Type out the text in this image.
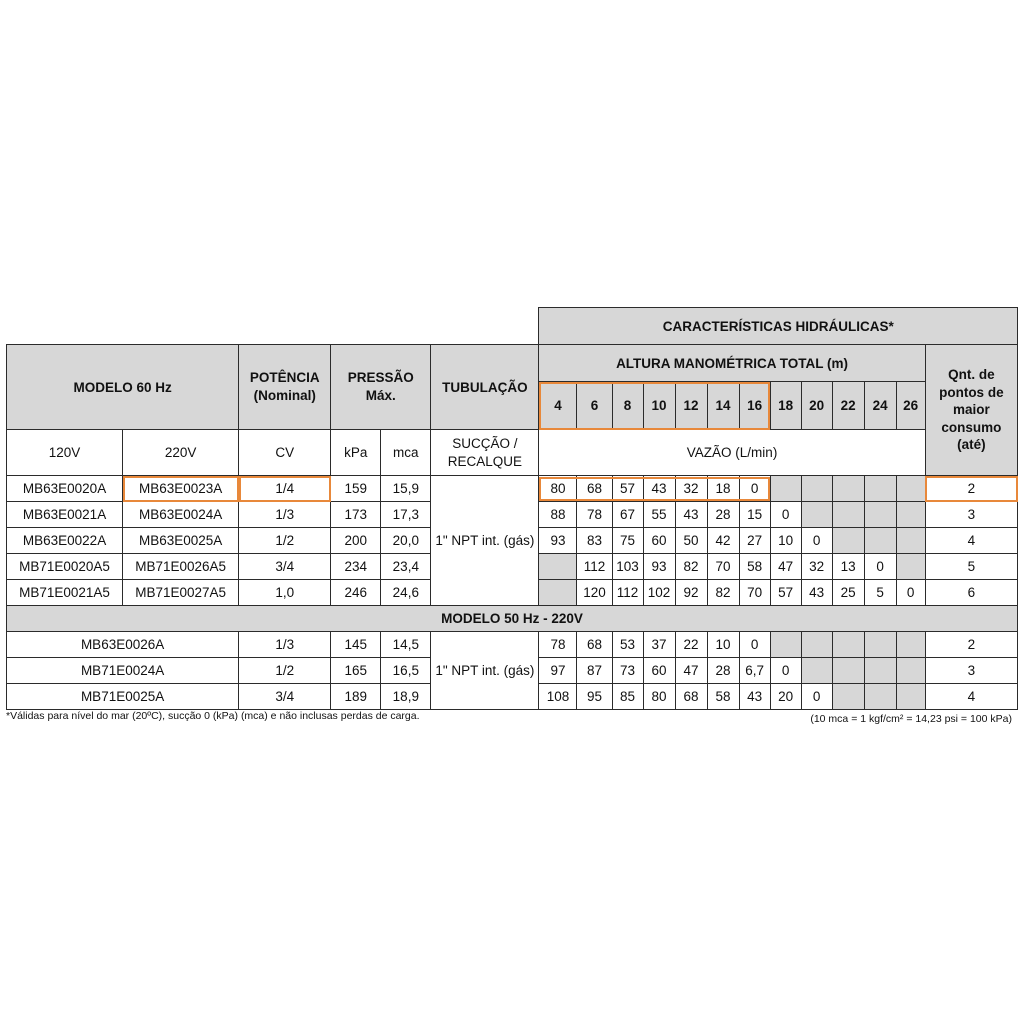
						CARACTERÍSTICAS HIDRÁULICAS*												
MODELO 60 Hz		POTÊNCIA (Nominal)	PRESSÃO Máx.		TUBULAÇÃO	ALTURA MANOMÉTRICA TOTAL (m)												Qnt. de pontos de maior consumo (até)
						4	6	8	10	12	14	16	18	20	22	24	26	
120V	220V	CV	kPa	mca	SUCÇÃO / RECALQUE	VAZÃO (L/min)												
MB63E0020A	MB63E0023A	1/4	159	15,9	1" NPT int. (gás)	80	68	57	43	32	18	0						2
MB63E0021A	MB63E0024A	1/3	173	17,3		88	78	67	55	43	28	15	0					3
MB63E0022A	MB63E0025A	1/2	200	20,0		93	83	75	60	50	42	27	10	0				4
MB71E0020A5	MB71E0026A5	3/4	234	23,4			112	103	93	82	70	58	47	32	13	0		5
MB71E0021A5	MB71E0027A5	1,0	246	24,6			120	112	102	92	82	70	57	43	25	5	0	6
MODELO 50 Hz - 220V																		
MB63E0026A		1/3	145	14,5	1" NPT int. (gás)	78	68	53	37	22	10	0						2
MB71E0024A		1/2	165	16,5		97	87	73	60	47	28	6,7	0					3
MB71E0025A		3/4	189	18,9		108	95	85	80	68	58	43	20	0				4
*Válidas para nível do mar (20ºC), sucção 0 (kPa) (mca) e não inclusas perdas de carga.	(10 mca = 1 kgf/cm² = 14,23 psi = 100 kPa)
